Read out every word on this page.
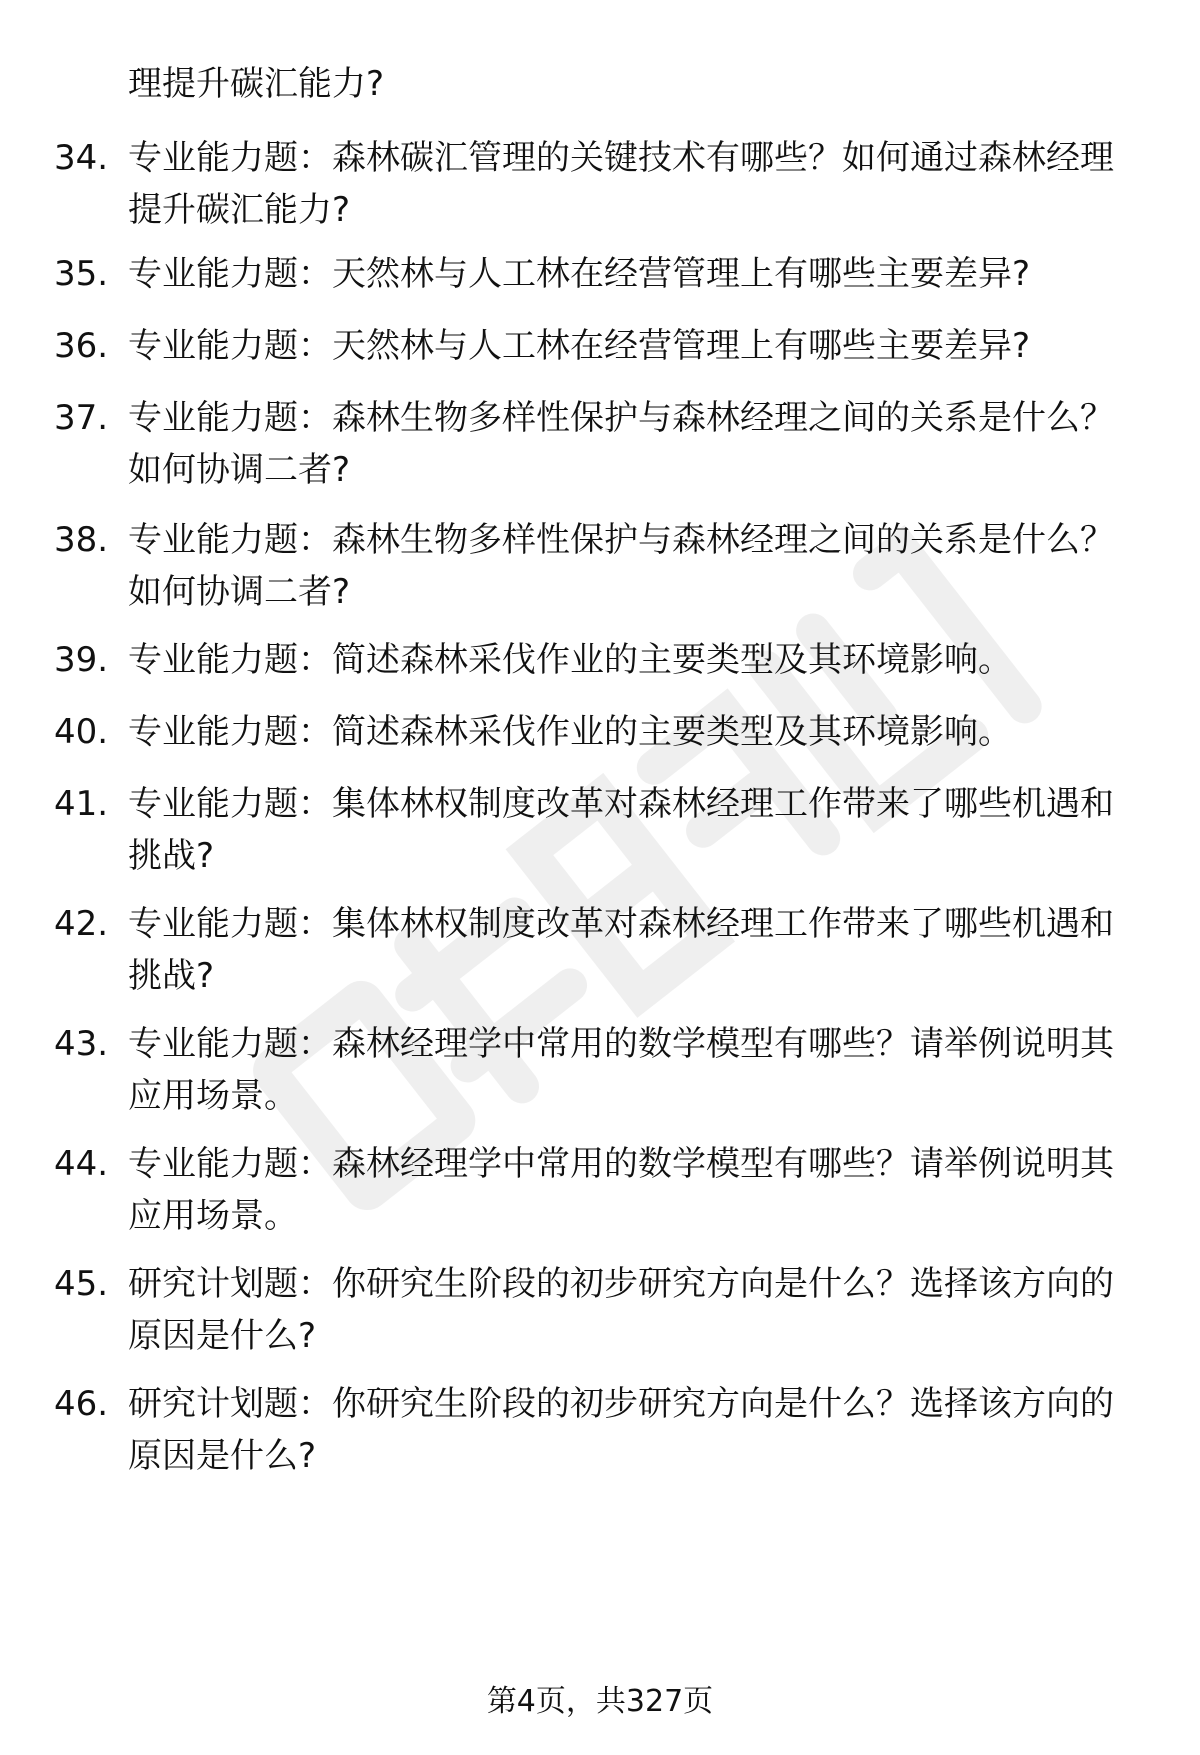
理提升碳汇能力?

34. 专业能力题：森林碳汇管理的关键技术有哪些？如何通过森林经理提升碳汇能力?
35. 专业能力题：天然林与人工林在经营管理上有哪些主要差异?
36. 专业能力题：天然林与人工林在经营管理上有哪些主要差异?
37. 专业能力题：森林生物多样性保护与森林经理之间的关系是什么？如何协调二者?
38. 专业能力题：森林生物多样性保护与森林经理之间的关系是什么？如何协调二者?
39. 专业能力题：简述森林采伐作业的主要类型及其环境影响。
40. 专业能力题：简述森林采伐作业的主要类型及其环境影响。
41. 专业能力题：集体林权制度改革对森林经理工作带来了哪些机遇和挑战?
42. 专业能力题：集体林权制度改革对森林经理工作带来了哪些机遇和挑战?
43. 专业能力题：森林经理学中常用的数学模型有哪些？请举例说明其应用场景。
44. 专业能力题：森林经理学中常用的数学模型有哪些？请举例说明其应用场景。
45. 研究计划题：你研究生阶段的初步研究方向是什么？选择该方向的原因是什么?
46. 研究计划题：你研究生阶段的初步研究方向是什么？选择该方向的原因是什么?
第4页，共327页
